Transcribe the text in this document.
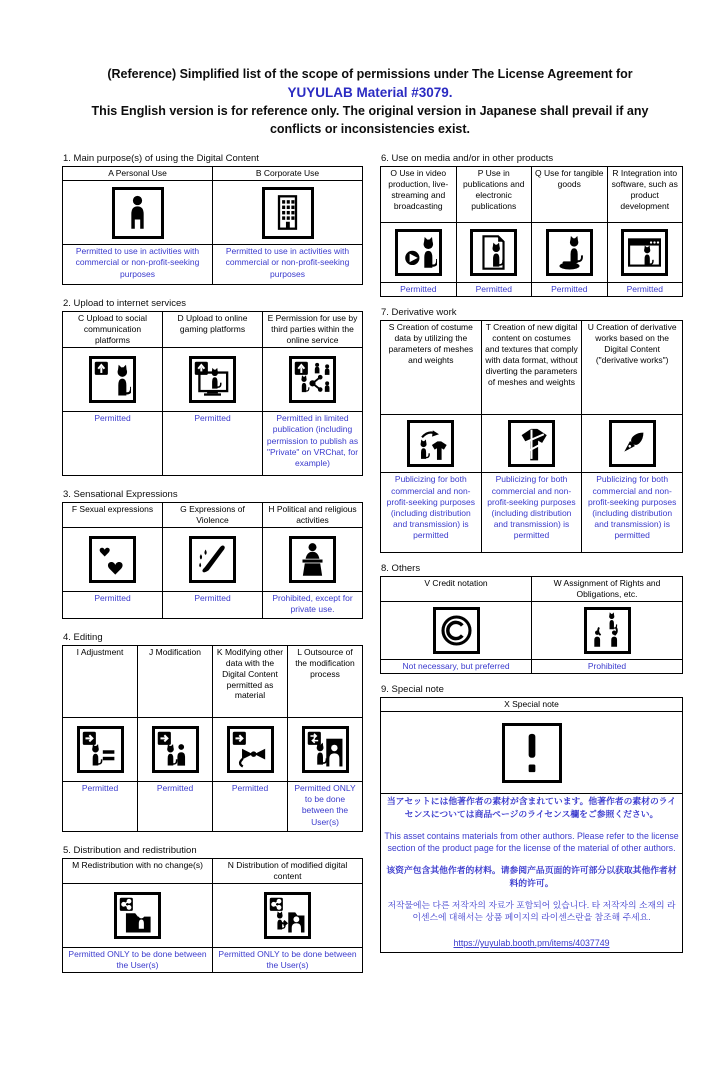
(Reference) Simplified list of the scope of permissions under The License Agreement for
YUYULAB Material #3079.
This English version is for reference only. The original version in Japanese shall prevail if any conflicts or inconsistencies exist.
1. Main purpose(s) of using the Digital Content
A Personal Use	B Corporate Use

Permitted to use in activities with commercial or non-profit-seeking purposes	Permitted to use in activities with commercial or non-profit-seeking purposes
2. Upload to internet services
C Upload to social communication platforms	D Upload to online gaming platforms	E Permission for use by third parties within the online service

Permitted	Permitted	Permitted in limited publication (including permission to publish as "Private" on VRChat, for example)
3. Sensational Expressions
F Sexual expressions	G Expressions of Violence	H Political and religious activities

Permitted	Permitted	Prohibited, except for private use.
4. Editing
I Adjustment	J Modification	K Modifying other data with the Digital Content permitted as material	L Outsource of the modification process

Permitted	Permitted	Permitted	Permitted ONLY to be done between the User(s)
5. Distribution and redistribution
M Redistribution with no change(s)	N Distribution of modified digital content

Permitted ONLY to be done between the User(s)	Permitted ONLY to be done between the User(s)
6. Use on media and/or in other products
O Use in video production, live-streaming and broadcasting	P Use in publications and electronic publications	Q Use for tangible goods	R Integration into software, such as product development

Permitted	Permitted	Permitted	Permitted
7. Derivative work
S Creation of costume data by utilizing the parameters of meshes and weights	T Creation of new digital content on costumes and textures that comply with data format, without diverting the parameters of meshes and weights	U Creation of derivative works based on the Digital Content ("derivative works")

Publicizing for both commercial and non-profit-seeking purposes (including distribution and transmission) is permitted	Publicizing for both commercial and non-profit-seeking purposes (including distribution and transmission) is permitted	Publicizing for both commercial and non-profit-seeking purposes (including distribution and transmission) is permitted
8. Others
V Credit notation	W Assignment of Rights and Obligations, etc.

Not necessary, but preferred	Prohibited
9. Special note
X Special note

当アセットには他著作者の素材が含まれています。他著作者の素材のライセンスについては商品ページのライセンス欄をご参照ください。

This asset contains materials from other authors. Please refer to the license section of the product page for the license of the material of other authors.

该资产包含其他作者的材料。请参阅产品页面的许可部分以获取其他作者材料的许可。

저작물에는 다른 저작자의 자료가 포함되어 있습니다. 타 저작자의 소재의 라이센스에 대해서는 상품 페이지의 라이센스란을 참조해 주세요.

https://yuyulab.booth.pm/items/4037749
